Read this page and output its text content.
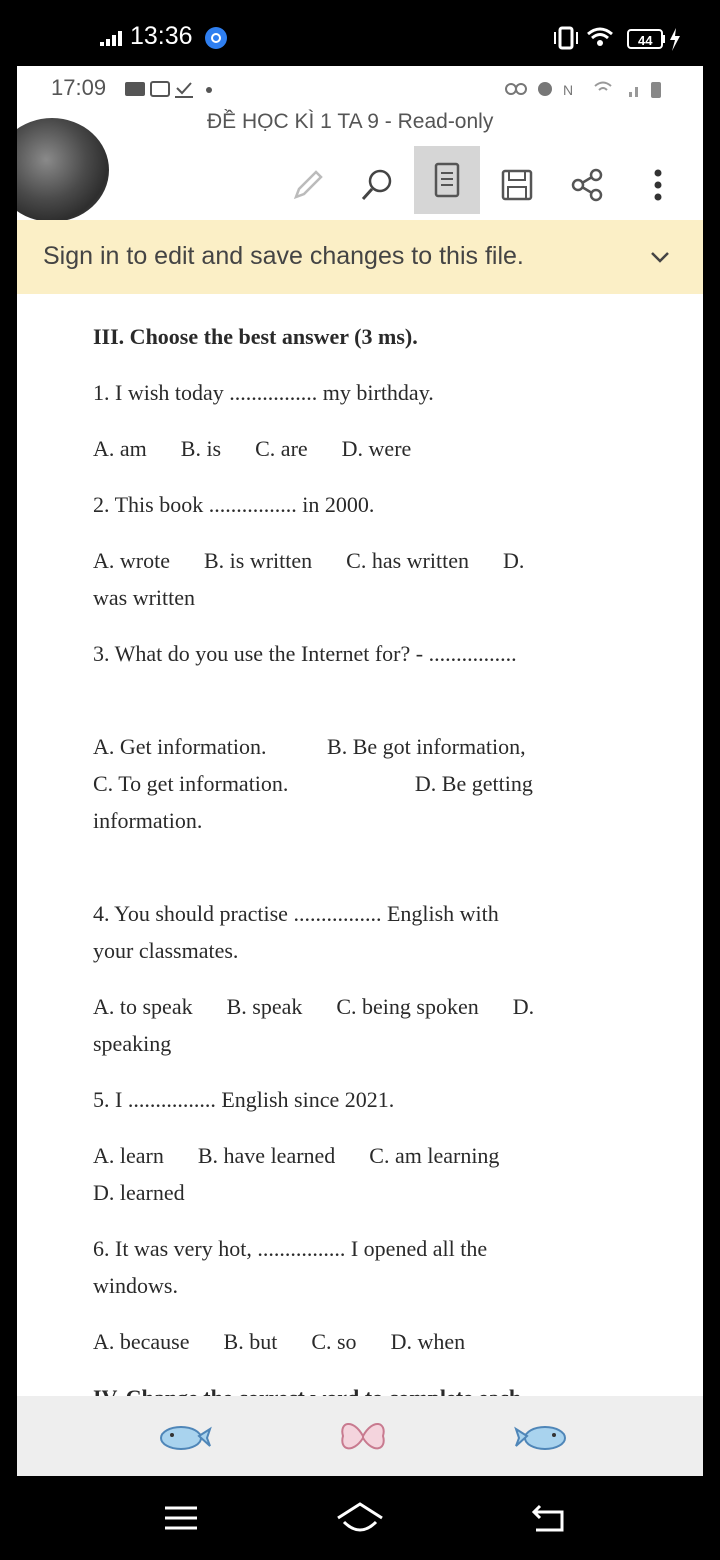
13:36	44
17:09	N
ĐỀ HỌC KÌ 1 TA 9 - Read-only
Sign in to edit and save changes to this file.

III. Choose the best answer (3 ms).

1. I wish today ................ my birthday.

A. am B. is C. are D. were

2. This book ................ in 2000.

A. wrote B. is written C. has written D.
was written

3. What do you use the Internet for? - ................

A. Get information.           B. Be got information,
C. To get information.                       D. Be getting
information.

4. You should practise ................ English with
your classmates.

A. to speak B. speak C. being spoken D.
speaking

5. I ................ English since 2021.

A. learn B. have learned C. am learning
D. learned

6. It was very hot, ................ I opened all the
windows.

A. because B. but C. so D. when
